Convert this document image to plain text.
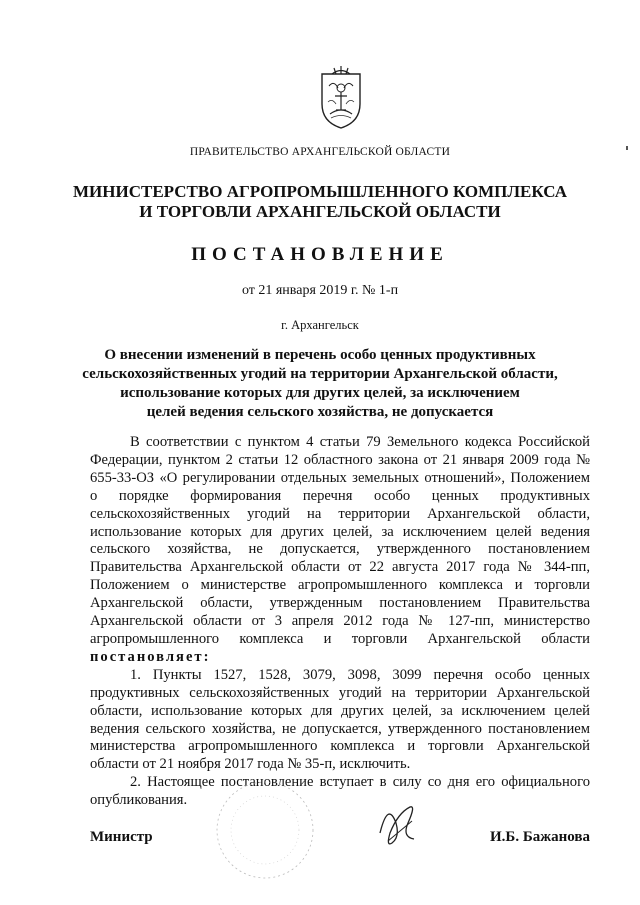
ПРАВИТЕЛЬСТВО АРХАНГЕЛЬСКОЙ ОБЛАСТИ
МИНИСТЕРСТВО АГРОПРОМЫШЛЕННОГО КОМПЛЕКСА
И ТОРГОВЛИ АРХАНГЕЛЬСКОЙ ОБЛАСТИ
ПОСТАНОВЛЕНИЕ
от 21 января 2019 г. № 1-п
г. Архангельск
О внесении изменений в перечень особо ценных продуктивных
сельскохозяйственных угодий на территории Архангельской области,
использование которых для других целей, за исключением
целей ведения сельского хозяйства, не допускается

В соответствии с пунктом 4 статьи 79 Земельного кодекса Российской Федерации, пунктом 2 статьи 12 областного закона от 21 января 2009 года № 655-33-ОЗ «О регулировании отдельных земельных отношений», Положением о порядке формирования перечня особо ценных продуктивных сельскохозяйственных угодий на территории Архангельской области, использование которых для других целей, за исключением целей ведения сельского хозяйства, не допускается, утвержденного постановлением Правительства Архангельской области от 22 августа 2017 года № 344-пп, Положением о министерстве агропромышленного комплекса и торговли Архангельской области, утвержденным постановлением Правительства Архангельской области от 3 апреля 2012 года № 127-пп, министерство агропромышленного комплекса и торговли Архангельской области постановляет:

1. Пункты 1527, 1528, 3079, 3098, 3099 перечня особо ценных продуктивных сельскохозяйственных угодий на территории Архангельской области, использование которых для других целей, за исключением целей ведения сельского хозяйства, не допускается, утвержденного постановлением министерства агропромышленного комплекса и торговли Архангельской области от 21 ноября 2017 года № 35-п, исключить.

2. Настоящее постановление вступает в силу со дня его официального опубликования.

Министр	И.Б. Бажанова
